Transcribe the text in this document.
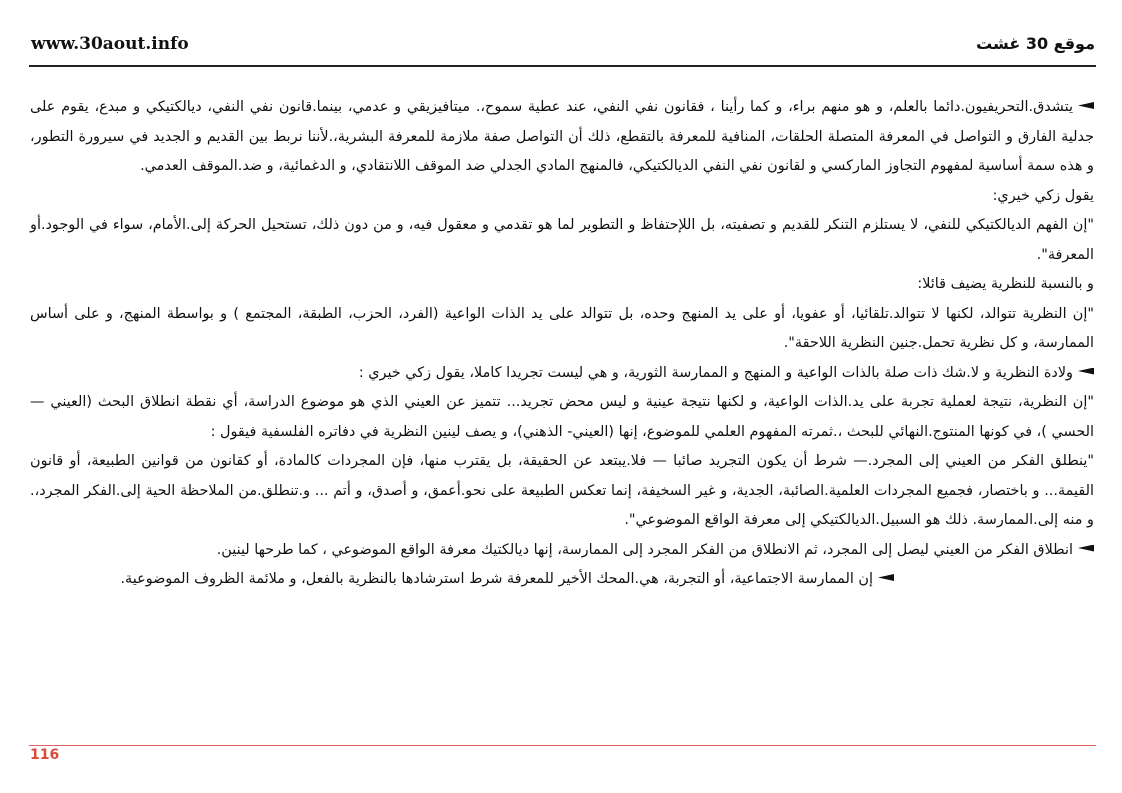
www.30aout.info	موقع 30 غشت

يتشدق.التحريفيون.دائما بالعلم، و هو منهم براء، و كما رأينا ، فقانون نفي النفي، عند عطية سموح،. ميتافيزيقي و عدمي، بينما.قانون نفي النفي، ديالكتيكي و مبدع، يقوم على جدلية الفارق و التواصل في المعرفة المتصلة الحلقات، المنافية للمعرفة بالتقطع، ذلك أن التواصل صفة ملازمة للمعرفة البشرية،.لأننا نربط بين القديم و الجديد في سيرورة التطور، و هذه سمة أساسية لمفهوم التجاوز الماركسي و لقانون نفي النفي الديالكتيكي، فالمنهج المادي الجدلي ضد الموقف اللانتقادي، و الدغمائية، و ضد.الموقف العدمي.

يقول زكي خيري:

"إن الفهم الديالكتيكي للنفي، لا يستلزم التنكر للقديم و تصفيته، بل اللإحتفاظ و التطوير لما هو تقدمي و معقول فيه، و من دون ذلك، تستحيل الحركة إلى.الأمام، سواء في الوجود.أو المعرفة".

و بالنسبة للنظرية يضيف قائلا:

"إن النظرية تتوالد، لكنها لا تتوالد.تلقائيا، أو عفويا، أو على يد المنهج وحده، بل تتوالد على يد الذات الواعية (الفرد، الحزب، الطبقة، المجتمع ) و بواسطة المنهج، و على أساس الممارسة، و كل نظرية تحمل.جنين النظرية اللاحقة".

ولادة النظرية و لا.شك ذات صلة بالذات الواعية و المنهج و الممارسة الثورية، و هي ليست تجريدا كاملا، يقول زكي خيري :

"إن النظرية، نتيجة لعملية تجربة على يد.الذات الواعية، و لكنها نتيجة عينية و ليس محض تجريد... تتميز عن العيني الذي هو موضوع الدراسة، أي نقطة انطلاق البحث (العيني — الحسي )، في كونها المنتوج.النهائي للبحث ،.ثمرته المفهوم العلمي للموضوع، إنها (العيني- الذهني)، و يصف لينين النظرية في دفاتره الفلسفية فيقول :

"ينطلق الفكر من العيني إلى المجرد.— شرط أن يكون التجريد صائبا — فلا.يبتعد عن الحقيقة، بل يقترب منها، فإن المجردات كالمادة، أو كقانون من قوانين الطبيعة، أو قانون القيمة... و باختصار، فجميع المجردات العلمية.الصائبة، الجدية، و غير السخيفة، إنما تعكس الطبيعة على نحو.أعمق، و أصدق، و أتم ... و.تنطلق.من الملاحظة الحية إلى.الفكر المجرد،. و منه إلى.الممارسة. ذلك هو السبيل.الديالكتيكي إلى معرفة الواقع الموضوعي".

انطلاق الفكر من العيني ليصل إلى المجرد، ثم الانطلاق من الفكر المجرد إلى الممارسة، إنها ديالكتيك معرفة الواقع الموضوعي ، كما طرحها لينين.

إن الممارسة الاجتماعية، أو التجربة، هي.المحك الأخير للمعرفة شرط استرشادها بالنظرية بالفعل، و ملائمة الظروف الموضوعية.

116
